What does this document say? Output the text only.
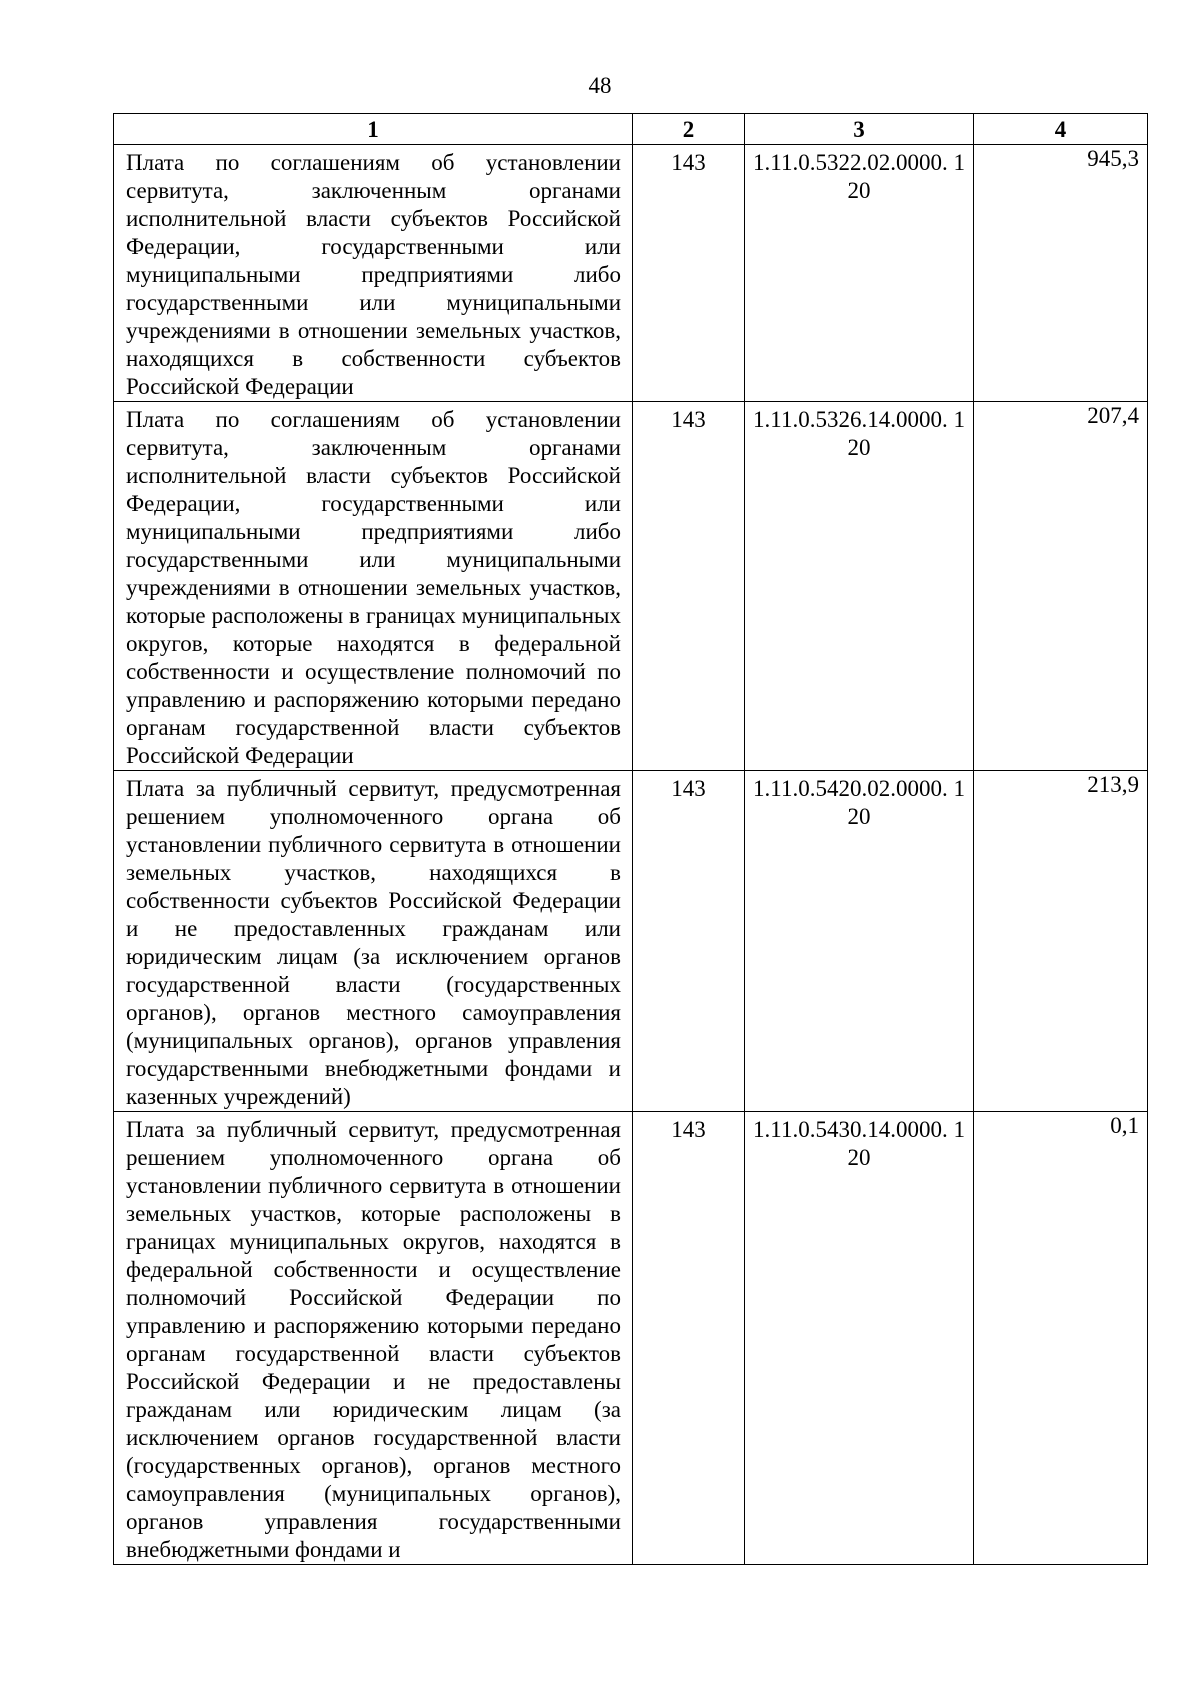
48
1	2	3	4
Плата по соглашениям об установлении сервитута, заключенным органами исполнительной власти субъектов Российской Федерации, государственными или муниципальными предприятиями либо государственными или муниципальными учреждениями в отношении земельных участков, находящихся в собственности субъектов Российской Федерации	143	1.11.0.5322.02.0000. 120	945,3
Плата по соглашениям об установлении сервитута, заключенным органами исполнительной власти субъектов Российской Федерации, государственными или муниципальными предприятиями либо государственными или муниципальными учреждениями в отношении земельных участков, которые расположены в границах муниципальных округов, которые находятся в федеральной собственности и осуществление полномочий по управлению и распоряжению которыми передано органам государственной власти субъектов Российской Федерации	143	1.11.0.5326.14.0000. 120	207,4
Плата за публичный сервитут, предусмотренная решением уполномоченного органа об установлении публичного сервитута в отношении земельных участков, находящихся в собственности субъектов Российской Федерации и не предоставленных гражданам или юридическим лицам (за исключением органов государственной власти (государственных органов), органов местного самоуправления (муниципальных органов), органов управления государственными внебюджетными фондами и казенных учреждений)	143	1.11.0.5420.02.0000. 120	213,9
Плата за публичный сервитут, предусмотренная решением уполномоченного органа об установлении публичного сервитута в отношении земельных участков, которые расположены в границах муниципальных округов, находятся в федеральной собственности и осуществление полномочий Российской Федерации по управлению и распоряжению которыми передано органам государственной власти субъектов Российской Федерации и не предоставлены гражданам или юридическим лицам (за исключением органов государственной власти (государственных органов), органов местного самоуправления (муниципальных органов), органов управления государственными внебюджетными фондами и	143	1.11.0.5430.14.0000. 120	0,1
